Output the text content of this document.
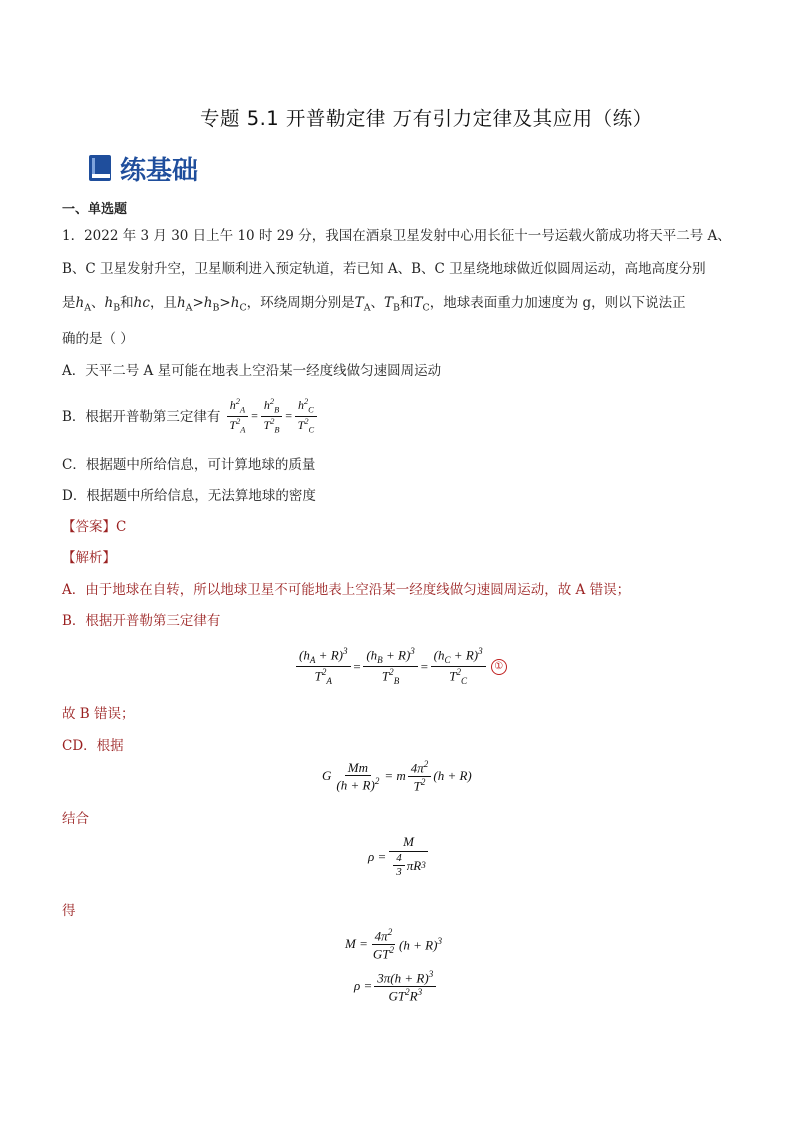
专题 5.1 开普勒定律 万有引力定律及其应用（练）
练基础
一、单选题
1．2022 年 3 月 30 日上午 10 时 29 分，我国在酒泉卫星发射中心用长征十一号运载火箭成功将天平二号 A、
B、C 卫星发射升空，卫星顺利进入预定轨道，若已知 A、B、C 卫星绕地球做近似圆周运动，高地高度分别
是$h_A$、$h_B$和hc，且$h_A>h_B>h_C$，环绕周期分别是$T_A$、$T_B$和$T_C$，地球表面重力加速度为 g，则以下说法正
确的是（ ）
A．天平二号 A 星可能在地表上空沿某一经度线做匀速圆周运动
B．根据开普勒第三定律有 $\frac{h^2_A}{T^2_A} = \frac{h^2_B}{T^2_B} = \frac{h^2_C}{T^2_C}$
C．根据题中所给信息，可计算地球的质量
D．根据题中所给信息，无法算地球的密度
【答案】C
【解析】
A．由于地球在自转，所以地球卫星不可能地表上空沿某一经度线做匀速圆周运动，故 A 错误；
B．根据开普勒第三定律有
$\frac{(h_A + R)^3}{T^2_A} = \frac{(h_B + R)^3}{T^2_B} = \frac{(h_C + R)^3}{T^2_C}$ ①
故 B 错误；
CD．根据
G $\frac{Mm}{(h + R)^2} = m \frac{4\pi^2}{T^2} (h + R)$
结合
$\rho = \frac{M}{\frac{4}{3} \pi R 3}$
得
$M = \frac{4\pi^2}{GT^2} (h + R)^3$
$\rho = \frac{3\pi(h + R)^3}{GT^2R^3}$
